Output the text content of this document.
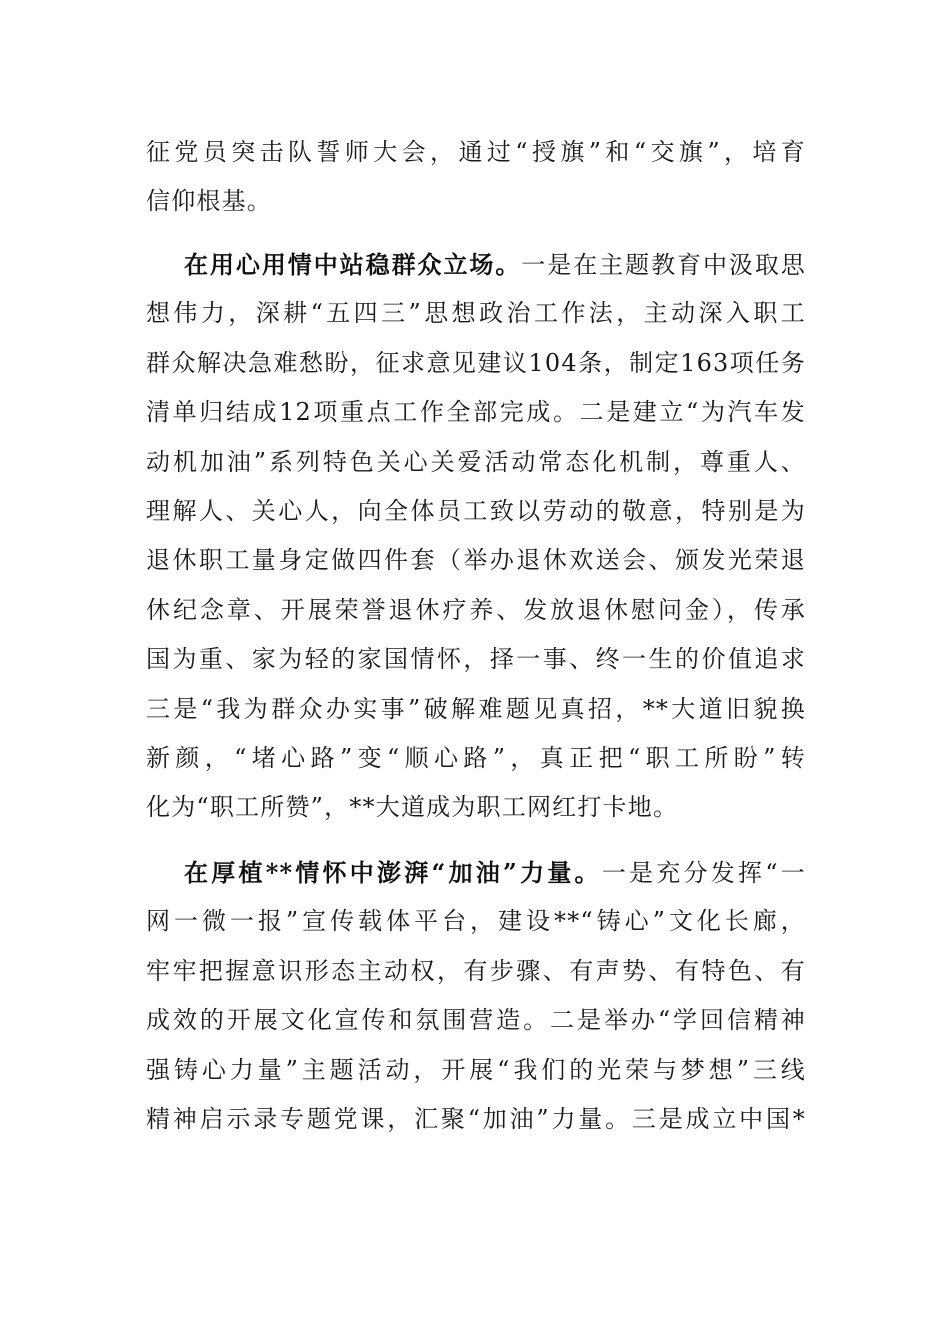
征党员突击队誓师大会，通过“授旗”和“交旗”，培育
信仰根基。
在用心用情中站稳群众立场。一是在主题教育中汲取思
想伟力，深耕“五四三”思想政治工作法，主动深入职工
群众解决急难愁盼，征求意见建议104条，制定163项任务
清单归结成12项重点工作全部完成。二是建立“为汽车发
动机加油”系列特色关心关爱活动常态化机制，尊重人、
理解人、关心人，向全体员工致以劳动的敬意，特别是为
退休职工量身定做四件套（举办退休欢送会、颁发光荣退
休纪念章、开展荣誉退休疗养、发放退休慰问金），传承
国为重、家为轻的家国情怀，择一事、终一生的价值追求
三是“我为群众办实事”破解难题见真招，**大道旧貌换
新颜，“堵心路”变“顺心路”，真正把“职工所盼”转
化为“职工所赞”，**大道成为职工网红打卡地。
在厚植**情怀中澎湃“加油”力量。一是充分发挥“一
网一微一报”宣传载体平台，建设**“铸心”文化长廊，
牢牢把握意识形态主动权，有步骤、有声势、有特色、有
成效的开展文化宣传和氛围营造。二是举办“学回信精神
强铸心力量”主题活动，开展“我们的光荣与梦想”三线
精神启示录专题党课，汇聚“加油”力量。三是成立中国*
